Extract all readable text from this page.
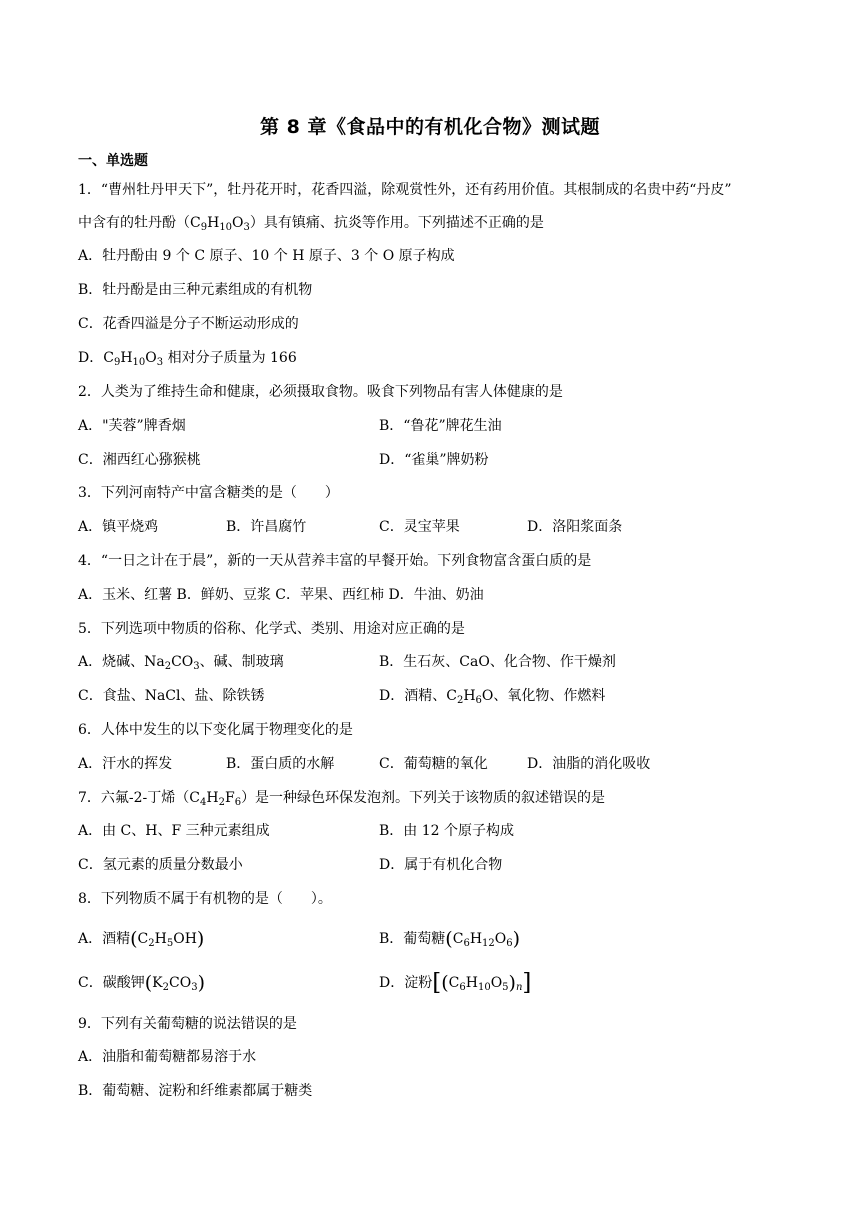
第 8 章《食品中的有机化合物》测试题
一、单选题
1．“曹州牡丹甲天下”，牡丹花开时，花香四溢，除观赏性外，还有药用价值。其根制成的名贵中药“丹皮”
中含有的牡丹酚$(C_9H_{10}O_3)$具有镇痛、抗炎等作用。下列描述不正确的是
A．牡丹酚由 9 个 C 原子、10 个 H 原子、3 个 O 原子构成
B．牡丹酚是由三种元素组成的有机物
C．花香四溢是分子不断运动形成的
D．$C_9H_{10}O_3$ 相对分子质量为 166
2．人类为了维持生命和健康，必须摄取食物。吸食下列物品有害人体健康的是
A．"芙蓉”牌香烟	B．“鲁花”牌花生油
C．湘西红心猕猴桃	D．“雀巢”牌奶粉
3．下列河南特产中富含糖类的是（　　）
A．镇平烧鸡	B．许昌腐竹	C．灵宝苹果	D．洛阳浆面条
4．“一日之计在于晨”，新的一天从营养丰富的早餐开始。下列食物富含蛋白质的是
A．玉米、红薯 B．鲜奶、豆浆 C．苹果、西红柿 D．牛油、奶油
5．下列选项中物质的俗称、化学式、类别、用途对应正确的是
A．烧碱、$Na_2CO_3$、碱、制玻璃	B．生石灰、CaO、化合物、作干燥剂
C．食盐、NaCl、盐、除铁锈	D．酒精、$C_2H_6O$、氧化物、作燃料
6．人体中发生的以下变化属于物理变化的是
A．汗水的挥发	B．蛋白质的水解	C．葡萄糖的氧化	D．油脂的消化吸收
7．六氟-2-丁烯$(C_4H_2F_6)$是一种绿色环保发泡剂。下列关于该物质的叙述错误的是
A．由 C、H、F 三种元素组成	B．由 12 个原子构成
C．氢元素的质量分数最小	D．属于有机化合物
8．下列物质不属于有机物的是（　　）。
A．酒精$(C_2H_5OH)$	B．葡萄糖$(C_6H_{12}O_6)$
C．碳酸钾$(K_2CO_3)$	D．淀粉$[(C_6H_{10}O_5)_n]$
9．下列有关葡萄糖的说法错误的是
A．油脂和葡萄糖都易溶于水
B．葡萄糖、淀粉和纤维素都属于糖类
